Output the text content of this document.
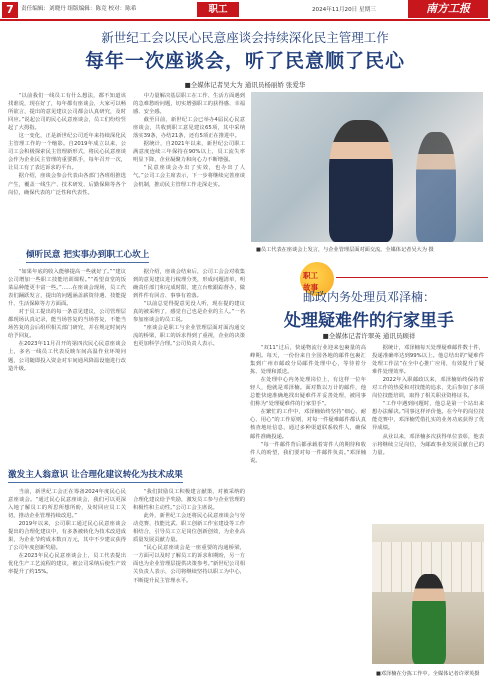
7	责任编辑：刘晓丹 组版编辑：陈竞 校对：陈希	职工	2024年11月20日 星期三	南方工报
新世纪工会以民心民意座谈会持续深化民主管理工作
每年一次座谈会，听了民意顺了民心
■全媒体记者吴大为 通讯员杨丽娇 张爱华

“以前我们一线员工有什么想法，都不知道该找谁说，现在好了，每年都有座谈会，大家可以畅所欲言，提出的意见建议公司都会认真研究，及时回应。”说起公司的民心民意座谈会，员工们纷纷竖起了大拇指。

这一变化，正是新世纪公司近年来持续深化民主管理工作的一个缩影。自2019年成立以来，公司工会积极探索民主管理新形式，将民心民意座谈会作为企业民主管理的重要抓手，每年召开一次，让员工有了表达诉求的平台。

据介绍，座谈会参会代表由各部门各班组推选产生，覆盖一线生产、技术研发、后勤保障等各个岗位，确保代表的广泛性和代表性。

中力量解决基层职工在工作、生活方面遇到的急难愁盼问题，切实增强职工的获得感、幸福感、安全感。

截至目前，新世纪工会已举办4届民心民意座谈会，共收到职工意见建议65项，其中采纳落实39条，办结21条，还有5项正在推进中。

据统计，自2021年以来，新世纪公司职工满意度连续三年保持在90%以上，员工流失率明显下降，企业凝聚力和向心力不断增强。

“民意座谈会办出了实效，也办出了人气。”公司工会主席表示，下一步将继续完善座谈会机制，推动民主管理工作走深走实。

■员工代表在座谈会上发言，与企业管理层面对面交流。全媒体记者吴大为 摄
倾听民意 把实事办到职工心坎上

“如果年底的收入能够提高一些就好了。”“建议公司增加一些职工技能培训课程。”“希望食堂的饭菜品种能更丰富一些。”……在座谈会现场，员工代表们踊跃发言，提出的问题涵盖薪资待遇、技能提升、生活保障等方方面面。

对于员工提出的每一条意见建议，公司管理层都现场认真记录，能当场答复的当场答复，不能当场答复的会后组织相关部门研究，并在规定时间内给予回复。

在2023年11月召开的第四次民心民意座谈会上，多名一线员工代表反映车间高温作业环境问题，公司随即投入资金对车间通风降温设施进行改造升级。

据介绍，座谈会结束后，公司工会会对收集到的意见建议进行梳理分类，形成问题清单，明确责任部门和完成时限，建立台账跟踪督办，做到件件有回音、事事有着落。

“以前总觉得提意见没人听，现在提的建议真的被采纳了，感觉自己也是企业的主人。”一名参加座谈会的员工说。

“座谈会是职工与企业管理层面对面沟通交流的桥梁，职工的诉求得到了重视，企业的决策也更加科学合理。”公司负责人表示。

激发主人翁意识 让合理化建议转化为技术成果

当前，新世纪工会正在筹备2024年度民心民意座谈会。“通过民心民意座谈会，我们可以更深入地了解员工的所思所想所盼，及时回应员工关切，推动企业管理持续改进。”

2019年以来，公司职工通过民心民意座谈会提出的合理化建议中，有多条被转化为技术改进成果，为企业节约成本数百万元，其中不少建议获得了公司年度创新奖励。

在2023年民心民意座谈会上，员工代表提出优化生产工艺流程的建议，被公司采纳后使生产效率提升了约15%。

“我们鼓励员工积极建言献策，对被采纳的合理化建议给予奖励，激发员工参与企业管理的积极性和主动性。”公司工会主席说。

此外，新世纪工会还将民心民意座谈会与劳动竞赛、技能比武、职工创新工作室建设等工作相结合，引导员工立足岗位创新创效，为企业高质量发展贡献力量。

“民心民意座谈会是一座重要的沟通桥梁，一方面可以及时了解员工的诉求和期盼，另一方面也为企业管理层提供决策参考。”新世纪公司相关负责人表示，公司将继续坚持以职工为中心，不断提升民主管理水平。

职工
故事
邮政内务处理员邓泽楠：
处理疑难件的行家里手
■全媒体记者许翠英 通讯员顾祥

“双11”过后，快递物流行业迎来包裹量的高峰期。每天，一份份来自全国各地的邮件包裹汇集到广州市邮政分局邮件处理中心，等待着分拣、处理和派送。

在处理中心内务处理岗位上，有这样一位年轻人，他就是邓泽楠。面对数以万计的邮件，他总能快速准确地找出疑难件并妥善处理，被同事们称为“处理疑难件的行家里手”。

在繁忙的工作中，邓泽楠始终坚持“细心、耐心、用心”的工作原则，对每一件疑难邮件都认真核查地址信息，通过多种渠道联系收件人，确保邮件准确投递。

“每一件邮件背后都承载着寄件人的期待和收件人的盼望，我们要对每一件邮件负责。”邓泽楠说。

据统计，邓泽楠每天处理疑难邮件数十件，投递准确率达到99%以上。他总结出的“疑难件处理工作法”在全中心推广应用，有效提升了疑难件处理效率。

2022年入职邮政以来，邓泽楠始终保持着对工作的热爱和对技能的追求，先后参加了多项岗位技能培训，取得了相关职业资格证书。

“工作中遇到问题时，他总是第一个站出来想办法解决。”同事这样评价他。在今年的岗位技能竞赛中，邓泽楠凭借扎实的业务功底获得了优异成绩。

从业以来，邓泽楠多次获得单位表彰，他表示将继续立足岗位，为邮政事业发展贡献自己的力量。

■邓泽楠在分拣工作中。全媒体记者许翠英摄
